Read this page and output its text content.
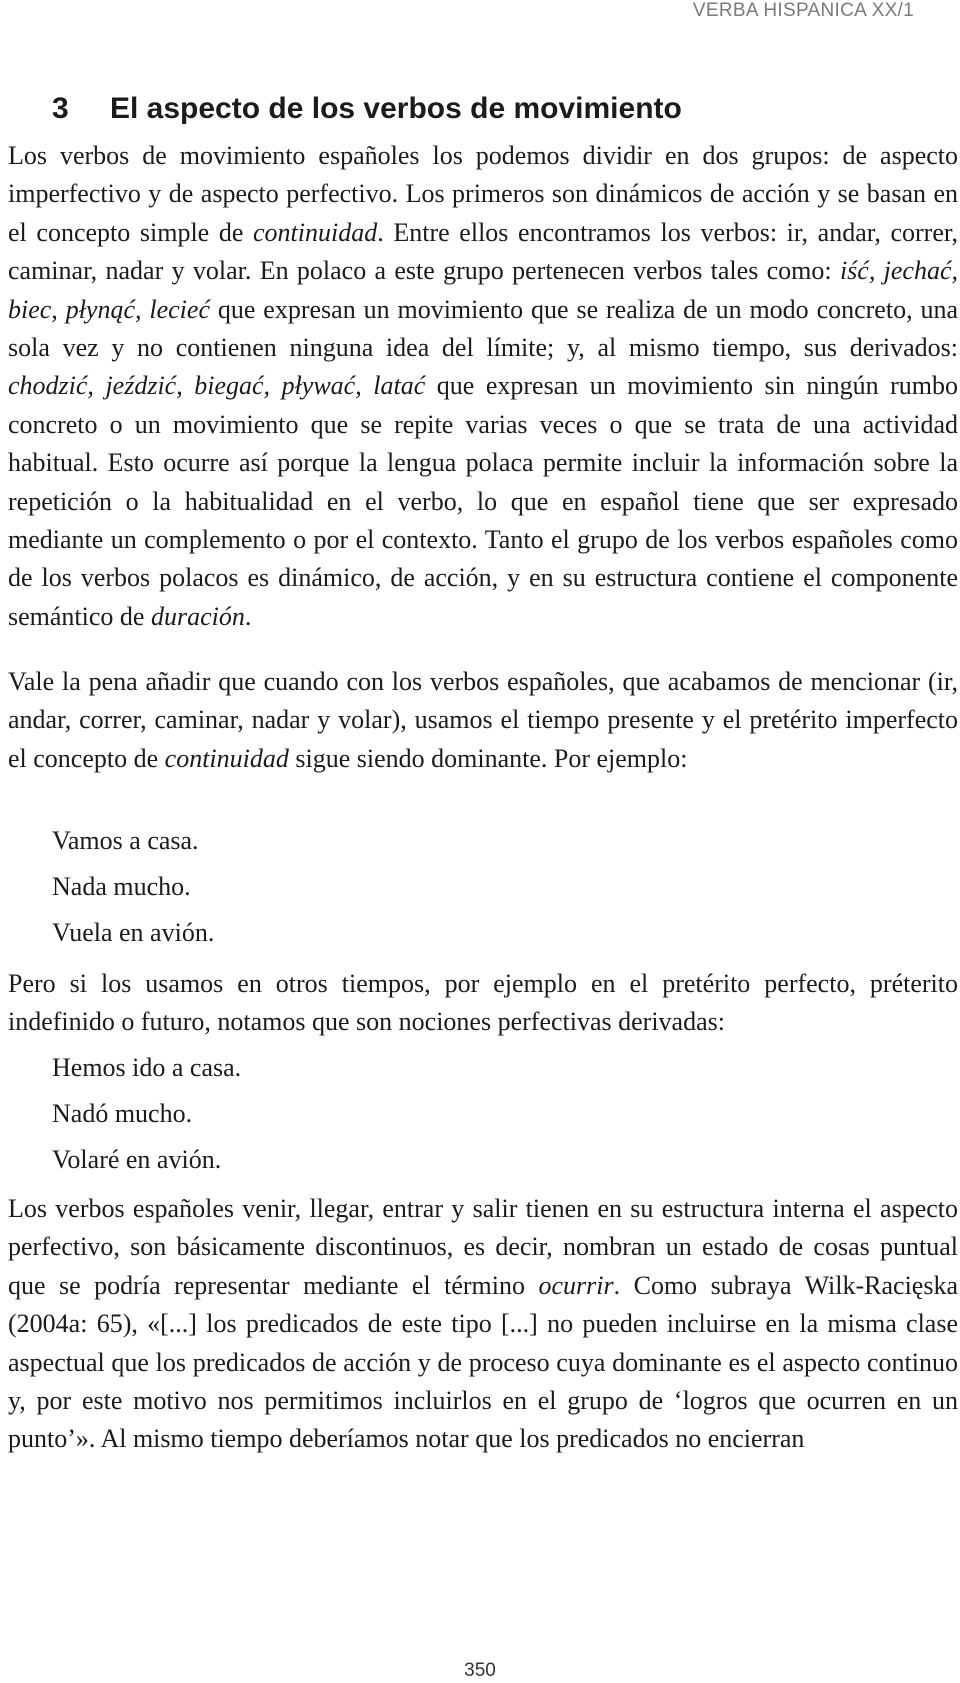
VERBA HISPANICA XX/1
3 El aspecto de los verbos de movimiento

Los verbos de movimiento españoles los podemos dividir en dos grupos: de aspecto imperfectivo y de aspecto perfectivo. Los primeros son dinámicos de acción y se basan en el concepto simple de continuidad. Entre ellos encontramos los verbos: ir, andar, correr, caminar, nadar y volar. En polaco a este grupo pertenecen verbos tales como: iść, jechać, biec, płynąć, lecieć que expresan un movimiento que se realiza de un modo concreto, una sola vez y no contienen ninguna idea del límite; y, al mismo tiempo, sus derivados: chodzić, jeździć, biegać, pływać, latać que expresan un movimiento sin ningún rumbo concreto o un movimiento que se repite varias veces o que se trata de una actividad habitual. Esto ocurre así porque la lengua polaca permite incluir la información sobre la repetición o la habitualidad en el verbo, lo que en español tiene que ser expresado mediante un complemento o por el contexto. Tanto el grupo de los verbos españoles como de los verbos polacos es dinámico, de acción, y en su estructura contiene el componente semántico de duración.

Vale la pena añadir que cuando con los verbos españoles, que acabamos de mencionar (ir, andar, correr, caminar, nadar y volar), usamos el tiempo presente y el pretérito imperfecto el concepto de continuidad sigue siendo dominante. Por ejemplo:

Vamos a casa.
Nada mucho.
Vuela en avión.

Pero si los usamos en otros tiempos, por ejemplo en el pretérito perfecto, préterito indefinido o futuro, notamos que son nociones perfectivas derivadas:

Hemos ido a casa.
Nadó mucho.
Volaré en avión.

Los verbos españoles venir, llegar, entrar y salir tienen en su estructura interna el aspecto perfectivo, son básicamente discontinuos, es decir, nombran un estado de cosas puntual que se podría representar mediante el término ocurrir. Como subraya Wilk-Racięska (2004a: 65), «[...] los predicados de este tipo [...] no pueden incluirse en la misma clase aspectual que los predicados de acción y de proceso cuya dominante es el aspecto continuo y, por este motivo nos permitimos incluirlos en el grupo de ‘logros que ocurren en un punto’». Al mismo tiempo deberíamos notar que los predicados no encierran

350
